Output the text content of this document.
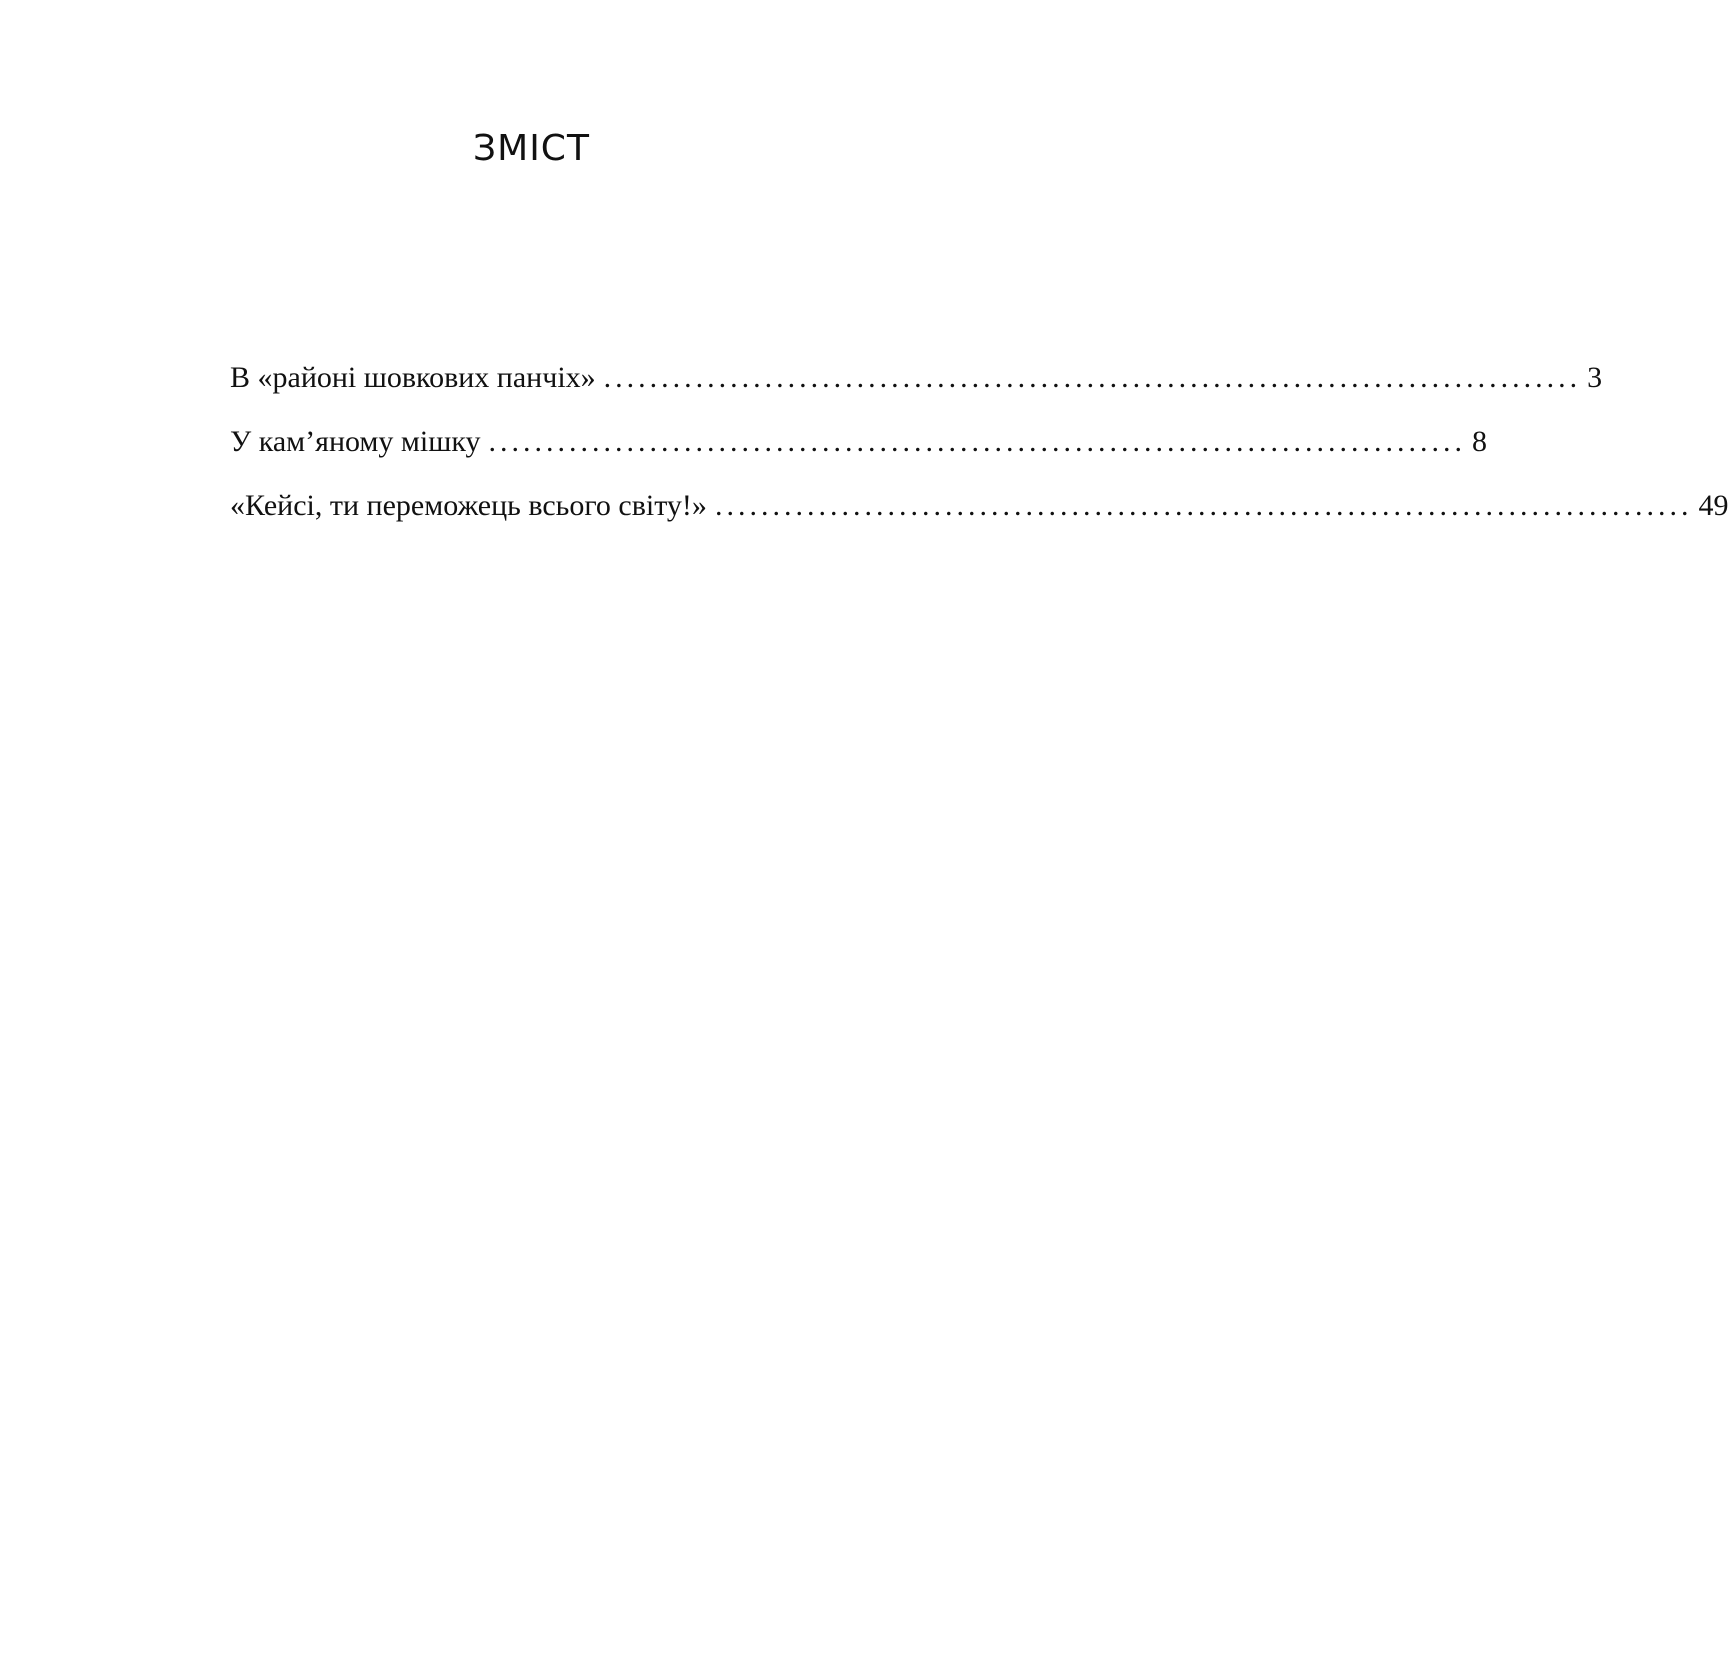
ЗМІСТ
В «районі шовкових панчіх» ..................................................................................... 3
У кам’яному мішку ..................................................................................... 8
«Кейсі, ти переможець всього світу!» ..................................................................................... 49
